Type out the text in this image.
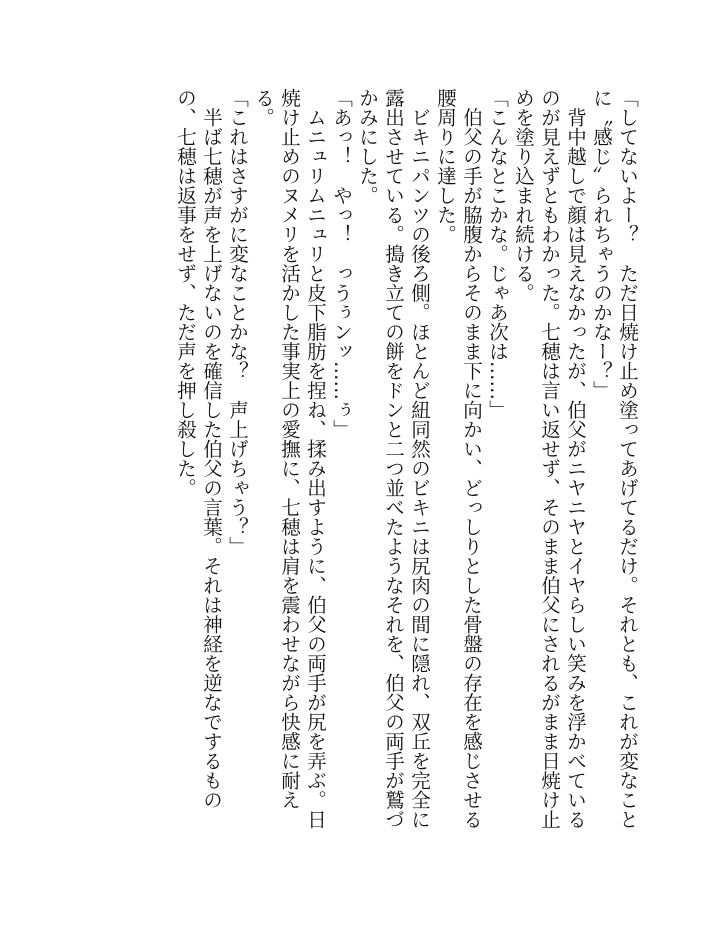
「してないよー？　ただ日焼け止め塗ってあげてるだけ。それとも、これが変なことに〝感じ〟られちゃうのかなー？」

　背中越しで顔は見えなかったが、伯父がニヤニヤとイヤらしい笑みを浮かべているのが見えずともわかった。七穂は言い返せず、そのまま伯父にされるがまま日焼け止めを塗り込まれ続ける。

「こんなとこかな。じゃあ次は……」

　伯父の手が脇腹からそのまま下に向かい、どっしりとした骨盤の存在を感じさせる腰周りに達した。

　ビキニパンツの後ろ側。ほとんど紐同然のビキニは尻肉の間に隠れ、双丘を完全に露出させている。搗き立ての餅をドンと二つ並べたようなそれを、伯父の両手が鷲づかみにした。

「あっ！　やっ！　っうぅンッ……ぅ」

　ムニュリムニュリと皮下脂肪を捏ね、揉み出すように、伯父の両手が尻を弄ぶ。日焼け止めのヌメリを活かした事実上の愛撫に、七穂は肩を震わせながら快感に耐える。

「これはさすがに変なことかな？　声上げちゃう？」

　半ば七穂が声を上げないのを確信した伯父の言葉。それは神経を逆なでするものの、七穂は返事をせず、ただ声を押し殺した。
